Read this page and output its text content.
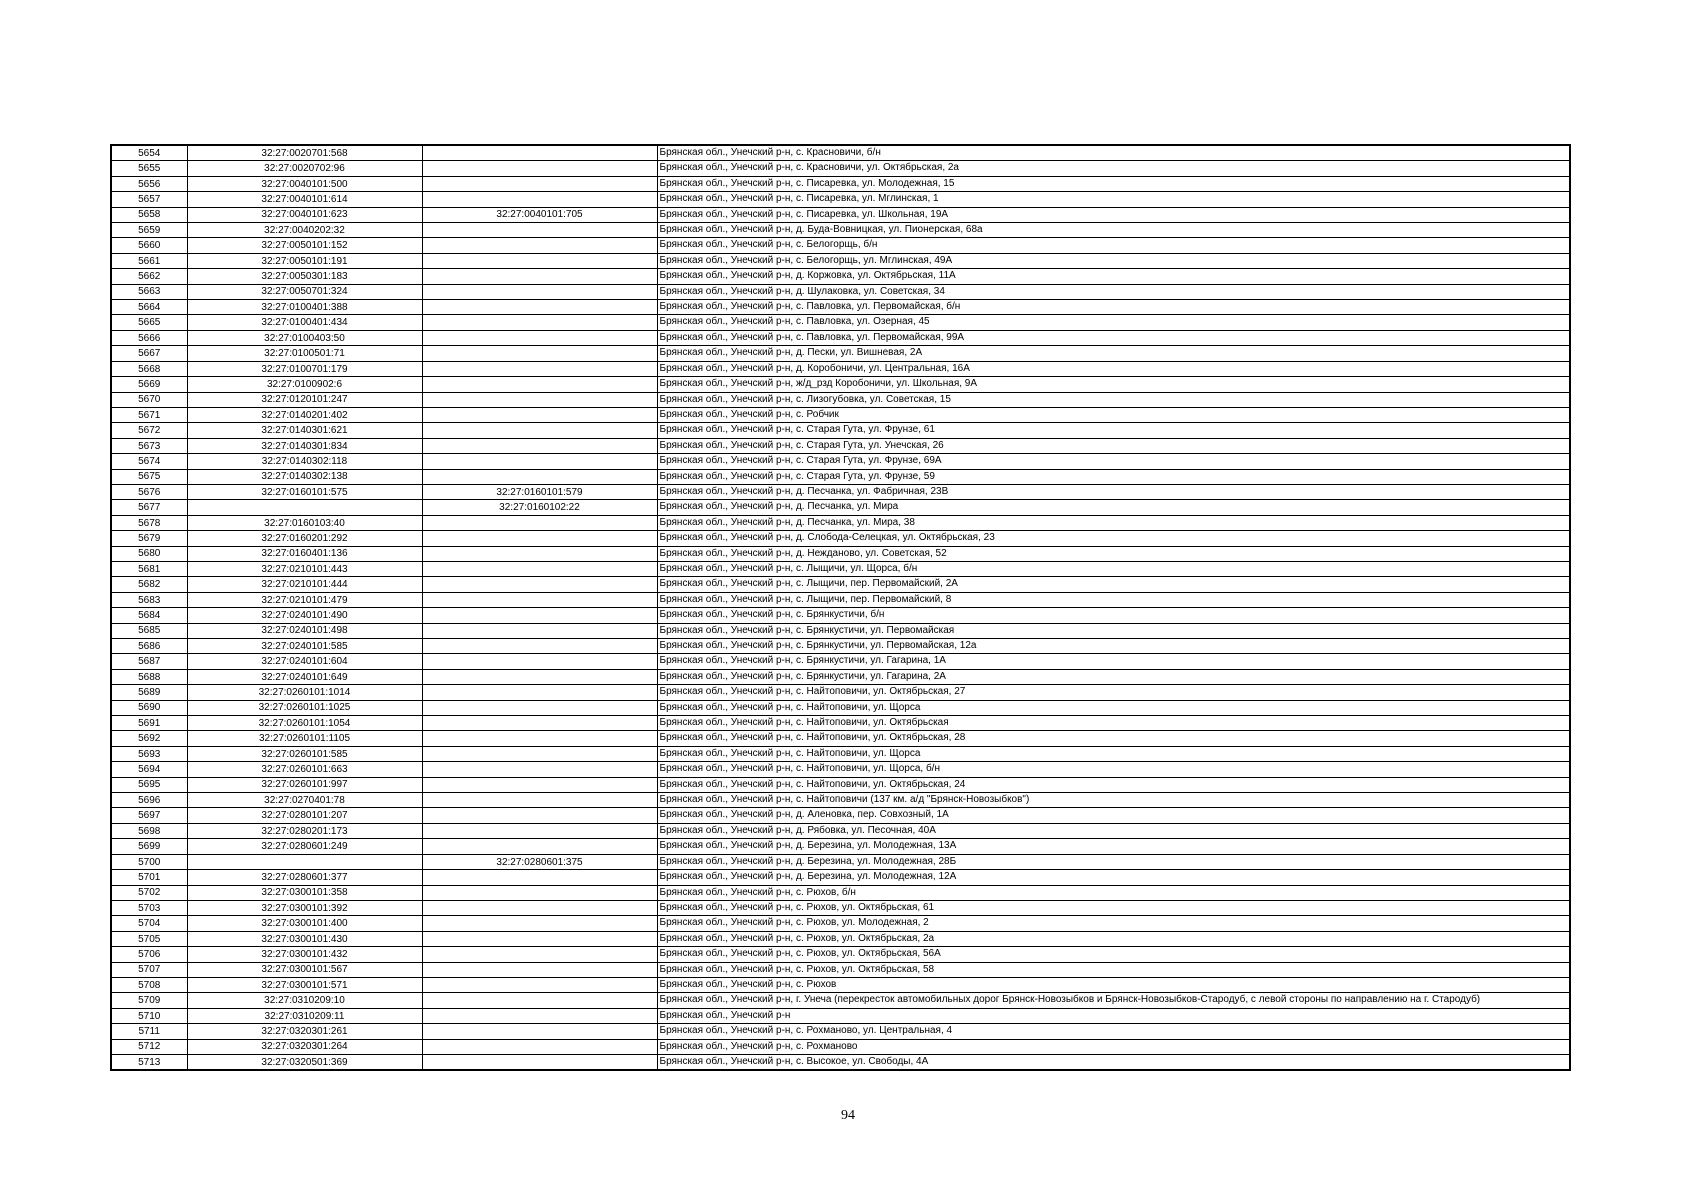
5654	32:27:0020701:568		Брянская обл., Унечский р-н, с. Красновичи, б/н
5655	32:27:0020702:96		Брянская обл., Унечский р-н, с. Красновичи, ул. Октябрьская, 2а
5656	32:27:0040101:500		Брянская обл., Унечский р-н, с. Писаревка, ул. Молодежная, 15
5657	32:27:0040101:614		Брянская обл., Унечский р-н, с. Писаревка, ул. Мглинская, 1
5658	32:27:0040101:623	32:27:0040101:705	Брянская обл., Унечский р-н, с. Писаревка, ул. Школьная, 19А
5659	32:27:0040202:32		Брянская обл., Унечский р-н, д. Буда-Вовницкая, ул. Пионерская, 68а
5660	32:27:0050101:152		Брянская обл., Унечский р-н, с. Белогорщь, б/н
5661	32:27:0050101:191		Брянская обл., Унечский р-н, с. Белогорщь, ул. Мглинская, 49А
5662	32:27:0050301:183		Брянская обл., Унечский р-н, д. Коржовка, ул. Октябрьская, 11А
5663	32:27:0050701:324		Брянская обл., Унечский р-н, д. Шулаковка, ул. Советская, 34
5664	32:27:0100401:388		Брянская обл., Унечский р-н, с. Павловка, ул. Первомайская, б/н
5665	32:27:0100401:434		Брянская обл., Унечский р-н, с. Павловка, ул. Озерная, 45
5666	32:27:0100403:50		Брянская обл., Унечский р-н, с. Павловка, ул. Первомайская, 99А
5667	32:27:0100501:71		Брянская обл., Унечский р-н, д. Пески, ул. Вишневая, 2А
5668	32:27:0100701:179		Брянская обл., Унечский р-н, д. Коробоничи, ул. Центральная, 16А
5669	32:27:0100902:6		Брянская обл., Унечский р-н, ж/д_рзд Коробоничи, ул. Школьная, 9А
5670	32:27:0120101:247		Брянская обл., Унечский р-н, с. Лизогубовка, ул. Советская, 15
5671	32:27:0140201:402		Брянская обл., Унечский р-н, с. Робчик
5672	32:27:0140301:621		Брянская обл., Унечский р-н, с. Старая Гута, ул. Фрунзе, 61
5673	32:27:0140301:834		Брянская обл., Унечский р-н, с. Старая Гута, ул. Унечская, 26
5674	32:27:0140302:118		Брянская обл., Унечский р-н, с. Старая Гута, ул. Фрунзе, 69А
5675	32:27:0140302:138		Брянская обл., Унечский р-н, с. Старая Гута, ул. Фрунзе, 59
5676	32:27:0160101:575	32:27:0160101:579	Брянская обл., Унечский р-н, д. Песчанка, ул. Фабричная, 23В
5677		32:27:0160102:22	Брянская обл., Унечский р-н, д. Песчанка, ул. Мира
5678	32:27:0160103:40		Брянская обл., Унечский р-н, д. Песчанка, ул. Мира, 38
5679	32:27:0160201:292		Брянская обл., Унечский р-н, д. Слобода-Селецкая, ул. Октябрьская, 23
5680	32:27:0160401:136		Брянская обл., Унечский р-н, д. Нежданово, ул. Советская, 52
5681	32:27:0210101:443		Брянская обл., Унечский р-н, с. Лыщичи, ул. Щорса, б/н
5682	32:27:0210101:444		Брянская обл., Унечский р-н, с. Лыщичи, пер. Первомайский, 2А
5683	32:27:0210101:479		Брянская обл., Унечский р-н, с. Лыщичи, пер. Первомайский, 8
5684	32:27:0240101:490		Брянская обл., Унечский р-н, с. Брянкустичи, б/н
5685	32:27:0240101:498		Брянская обл., Унечский р-н, с. Брянкустичи, ул. Первомайская
5686	32:27:0240101:585		Брянская обл., Унечский р-н, с. Брянкустичи, ул. Первомайская, 12а
5687	32:27:0240101:604		Брянская обл., Унечский р-н, с. Брянкустичи, ул. Гагарина, 1А
5688	32:27:0240101:649		Брянская обл., Унечский р-н, с. Брянкустичи, ул. Гагарина, 2А
5689	32:27:0260101:1014		Брянская обл., Унечский р-н, с. Найтоповичи, ул. Октябрьская, 27
5690	32:27:0260101:1025		Брянская обл., Унечский р-н, с. Найтоповичи, ул. Щорса
5691	32:27:0260101:1054		Брянская обл., Унечский р-н, с. Найтоповичи, ул. Октябрьская
5692	32:27:0260101:1105		Брянская обл., Унечский р-н, с. Найтоповичи, ул. Октябрьская, 28
5693	32:27:0260101:585		Брянская обл., Унечский р-н, с. Найтоповичи, ул. Щорса
5694	32:27:0260101:663		Брянская обл., Унечский р-н, с. Найтоповичи, ул. Щорса, б/н
5695	32:27:0260101:997		Брянская обл., Унечский р-н, с. Найтоповичи, ул. Октябрьская, 24
5696	32:27:0270401:78		Брянская обл., Унечский р-н, с. Найтоповичи (137 км. а/д "Брянск-Новозыбков")
5697	32:27:0280101:207		Брянская обл., Унечский р-н, д. Аленовка, пер. Совхозный, 1А
5698	32:27:0280201:173		Брянская обл., Унечский р-н, д. Рябовка, ул. Песочная, 40А
5699	32:27:0280601:249		Брянская обл., Унечский р-н, д. Березина, ул. Молодежная, 13А
5700		32:27:0280601:375	Брянская обл., Унечский р-н, д. Березина, ул. Молодежная, 28Б
5701	32:27:0280601:377		Брянская обл., Унечский р-н, д. Березина, ул. Молодежная, 12А
5702	32:27:0300101:358		Брянская обл., Унечский р-н, с. Рюхов, б/н
5703	32:27:0300101:392		Брянская обл., Унечский р-н, с. Рюхов, ул. Октябрьская, 61
5704	32:27:0300101:400		Брянская обл., Унечский р-н, с. Рюхов, ул. Молодежная, 2
5705	32:27:0300101:430		Брянская обл., Унечский р-н, с. Рюхов, ул. Октябрьская, 2а
5706	32:27:0300101:432		Брянская обл., Унечский р-н, с. Рюхов, ул. Октябрьская, 56А
5707	32:27:0300101:567		Брянская обл., Унечский р-н, с. Рюхов, ул. Октябрьская, 58
5708	32:27:0300101:571		Брянская обл., Унечский р-н, с. Рюхов
5709	32:27:0310209:10		Брянская обл., Унечский р-н, г. Унеча (перекресток автомобильных дорог Брянск-Новозыбков и Брянск-Новозыбков-Стародуб, с левой стороны по направлению на г. Стародуб)
5710	32:27:0310209:11		Брянская обл., Унечский р-н
5711	32:27:0320301:261		Брянская обл., Унечский р-н, с. Рохманово, ул. Центральная, 4
5712	32:27:0320301:264		Брянская обл., Унечский р-н, с. Рохманово
5713	32:27:0320501:369		Брянская обл., Унечский р-н, с. Высокое, ул. Свободы, 4А
94
